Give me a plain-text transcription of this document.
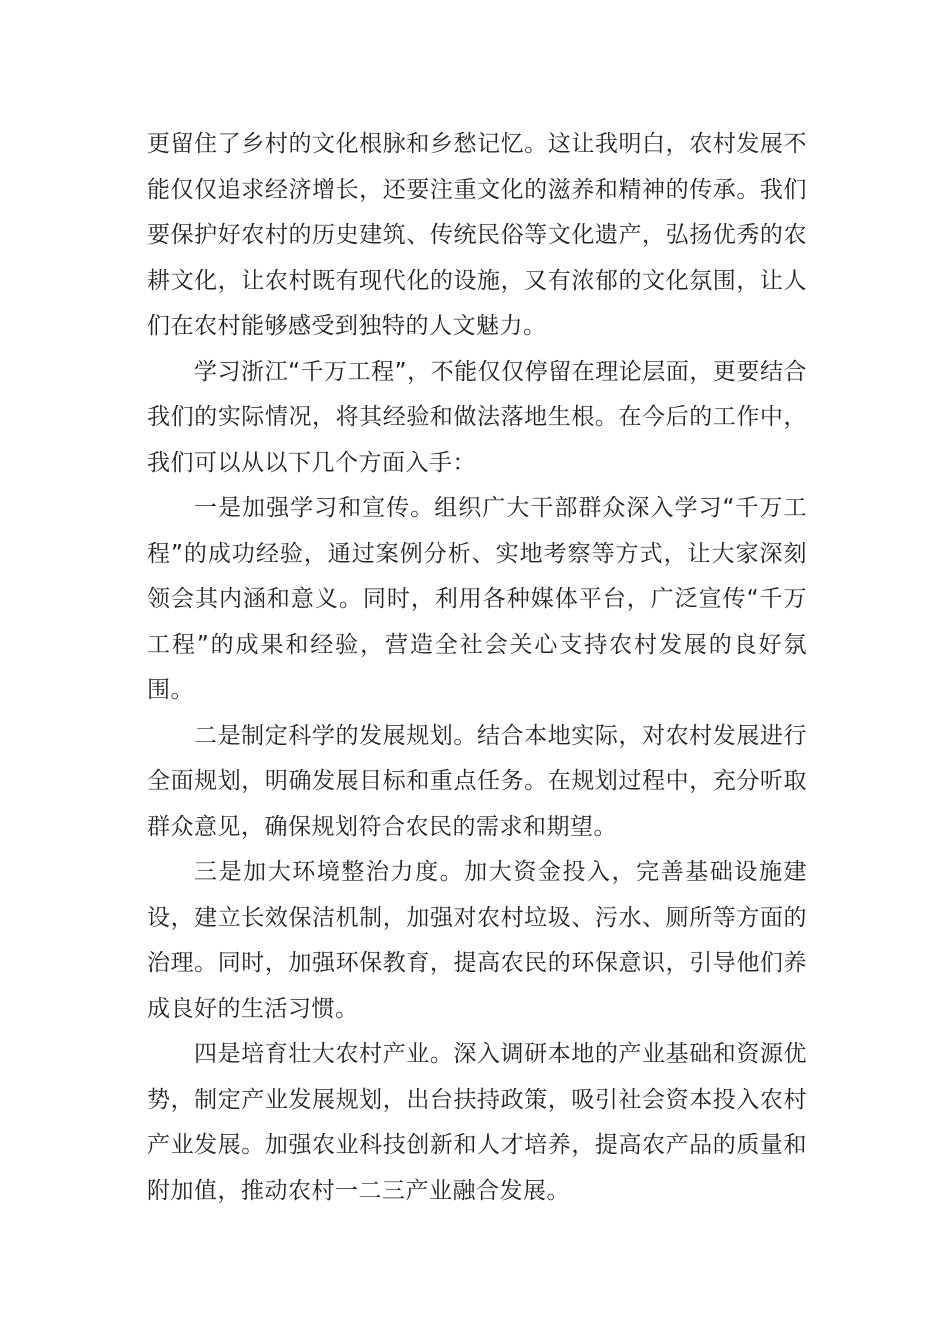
更留住了乡村的文化根脉和乡愁记忆。这让我明白，农村发展不能仅仅追求经济增长，还要注重文化的滋养和精神的传承。我们要保护好农村的历史建筑、传统民俗等文化遗产，弘扬优秀的农耕文化，让农村既有现代化的设施，又有浓郁的文化氛围，让人们在农村能够感受到独特的人文魅力。

学习浙江“千万工程”，不能仅仅停留在理论层面，更要结合我们的实际情况，将其经验和做法落地生根。在今后的工作中，我们可以从以下几个方面入手：

一是加强学习和宣传。组织广大干部群众深入学习“千万工程”的成功经验，通过案例分析、实地考察等方式，让大家深刻领会其内涵和意义。同时，利用各种媒体平台，广泛宣传“千万工程”的成果和经验，营造全社会关心支持农村发展的良好氛围。

二是制定科学的发展规划。结合本地实际，对农村发展进行全面规划，明确发展目标和重点任务。在规划过程中，充分听取群众意见，确保规划符合农民的需求和期望。

三是加大环境整治力度。加大资金投入，完善基础设施建设，建立长效保洁机制，加强对农村垃圾、污水、厕所等方面的治理。同时，加强环保教育，提高农民的环保意识，引导他们养成良好的生活习惯。

四是培育壮大农村产业。深入调研本地的产业基础和资源优势，制定产业发展规划，出台扶持政策，吸引社会资本投入农村产业发展。加强农业科技创新和人才培养，提高农产品的质量和附加值，推动农村一二三产业融合发展。
